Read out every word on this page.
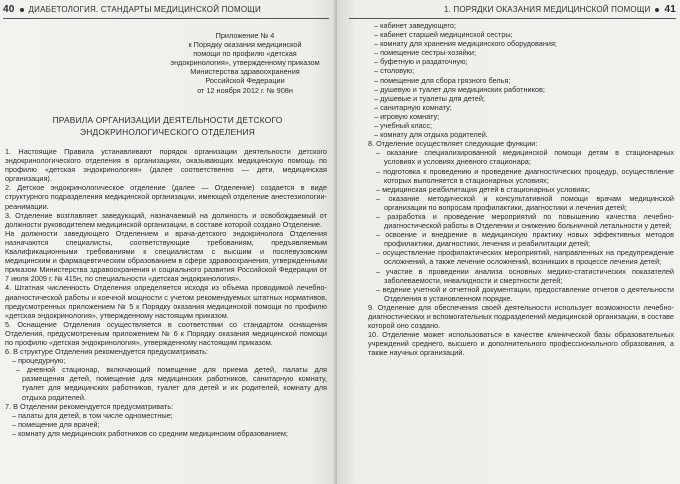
40 ДИАБЕТОЛОГИЯ. СТАНДАРТЫ МЕДИЦИНСКОЙ ПОМОЩИ
Приложение № 4
к Порядку оказания медицинской
помощи по профилю «детская
эндокринология», утвержденному приказом
Министерства здравоохранения
Российской Федерации
от 12 ноября 2012 г. № 908н
ПРАВИЛА ОРГАНИЗАЦИИ ДЕЯТЕЛЬНОСТИ ДЕТСКОГО
ЭНДОКРИНОЛОГИЧЕСКОГО ОТДЕЛЕНИЯ

1. Настоящие Правила устанавливают порядок организации деятельности детского эндокринологического отделения в организациях, оказывающих медицинскую помощь по профилю «детская эндокринология» (далее соответственно — дети, медицинская организация).

2. Детское эндокринологическое отделение (далее — Отделение) создается в виде структурного подразделения медицинской организации, имеющей отделение анестезиологии-реанимации.

3. Отделение возглавляет заведующий, назначаемый на должность и освобождаемый от должности руководителем медицинской организации, в составе которой создано Отделение.

На должности заведующего Отделением и врача-детского эндокринолога Отделения назначаются специалисты, соответствующие требованиям, предъявляемым Квалификационными требованиями к специалистам с высшим и послевузовским медицинским и фармацевтическим образованием в сфере здравоохранения, утвержденными приказом Министерства здравоохранения и социального развития Российской Федерации от 7 июля 2009 г. № 415н, по специальности «детская эндокринология».

4. Штатная численность Отделения определяется исходя из объема проводимой лечебно-диагностической работы и коечной мощности с учетом рекомендуемых штатных нормативов, предусмотренных приложением № 5 к Порядку оказания медицинской помощи по профилю «детская эндокринология», утвержденному настоящим приказом.

5. Оснащение Отделения осуществляется в соответствии со стандартом оснащения Отделения, предусмотренным приложением № 6 к Порядку оказания медицинской помощи по профилю «детская эндокринология», утвержденному настоящим приказом.

6. В структуре Отделения рекомендуется предусматривать:

– процедурную;

– дневной стационар, включающий помещение для приема детей, палаты для размещения детей, помещение для медицинских работников, санитарную комнату, туалет для медицинских работников, туалет для детей и их родителей, комнату для отдыха родителей.

7. В Отделении рекомендуется предусматривать:

– палаты для детей, в том числе одноместные;

– помещение для врачей;

– комнату для медицинских работников со средним медицинским образованием;

1. ПОРЯДКИ ОКАЗАНИЯ МЕДИЦИНСКОЙ ПОМОЩИ 41

– кабинет заведующего;

– кабинет старшей медицинской сестры;

– комнату для хранения медицинского оборудования;

– помещение сестры-хозяйки;

– буфетную и раздаточную;

– столовую;

– помещение для сбора грязного белья;

– душевую и туалет для медицинских работников;

– душевые и туалеты для детей;

– санитарную комнату;

– игровую комнату;

– учебный класс;

– комнату для отдыха родителей.

8. Отделение осуществляет следующие функции:

– оказание специализированной медицинской помощи детям в стационарных условиях и условиях дневного стационара;

– подготовка к проведению и проведение диагностических процедур, осуществление которых выполняется в стационарных условиях;

– медицинская реабилитация детей в стационарных условиях;

– оказание методической и консультативной помощи врачам медицинской организации по вопросам профилактики, диагностики и лечения детей;

– разработка и проведение мероприятий по повышению качества лечебно-диагностической работы в Отделении и снижению больничной летальности у детей;

– освоение и внедрение в медицинскую практику новых эффективных методов профилактики, диагностики, лечения и реабилитации детей;

– осуществление профилактических мероприятий, направленных на предупреждение осложнений, а также лечение осложнений, возникших в процессе лечения детей;

– участие в проведении анализа основных медико-статистических показателей заболеваемости, инвалидности и смертности детей;

– ведение учетной и отчетной документации, предоставление отчетов о деятельности Отделения в установленном порядке.

9. Отделение для обеспечения своей деятельности использует возможности лечебно-диагностических и вспомогательных подразделений медицинской организации, в составе которой оно создано.

10. Отделение может использоваться в качестве клинической базы образовательных учреждений среднего, высшего и дополнительного профессионального образования, а также научных организаций.
